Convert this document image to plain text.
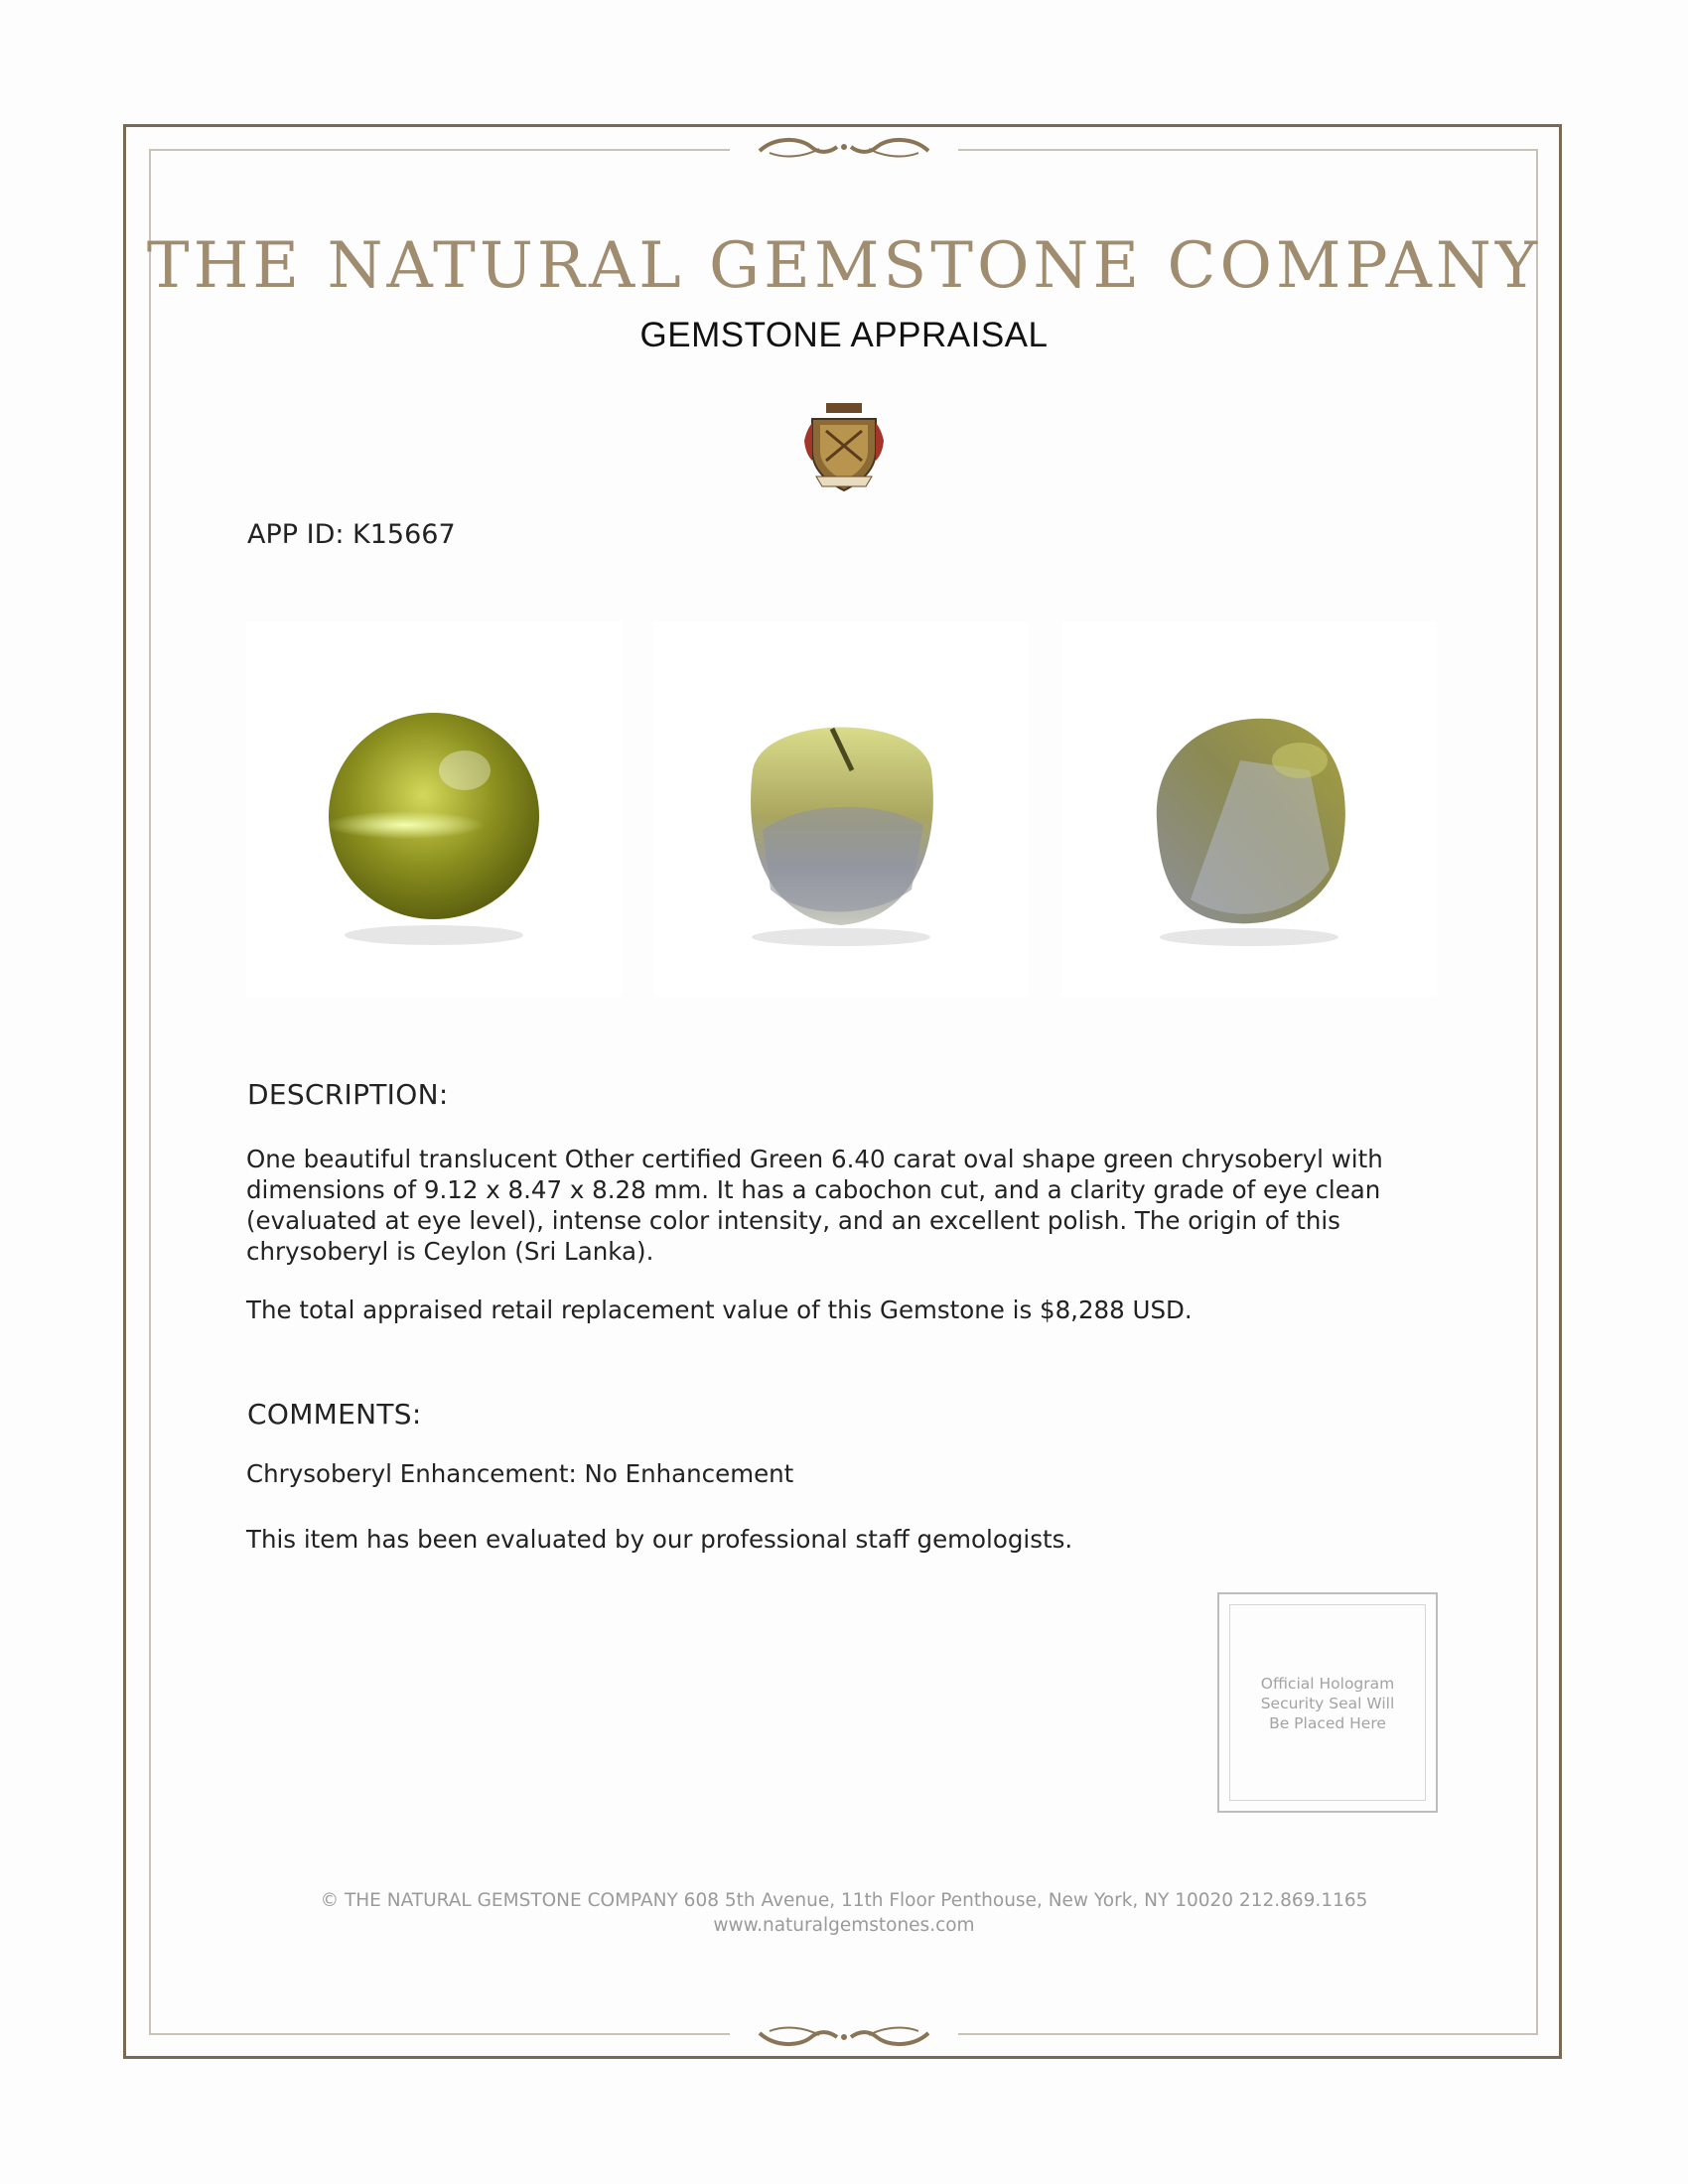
THE NATURAL GEMSTONE COMPANY
GEMSTONE APPRAISAL
APP ID: K15667
DESCRIPTION:
One beautiful translucent Other certified Green 6.40 carat oval shape green chrysoberyl with dimensions of 9.12 x 8.47 x 8.28 mm. It has a cabochon cut, and a clarity grade of eye clean (evaluated at eye level), intense color intensity, and an excellent polish. The origin of this chrysoberyl is Ceylon (Sri Lanka).
The total appraised retail replacement value of this Gemstone is $8,288 USD.
COMMENTS:
Chrysoberyl Enhancement: No Enhancement
This item has been evaluated by our professional staff gemologists.
Official Hologram
Security Seal Will
Be Placed Here
© THE NATURAL GEMSTONE COMPANY 608 5th Avenue, 11th Floor Penthouse, New York, NY 10020 212.869.1165
www.naturalgemstones.com
